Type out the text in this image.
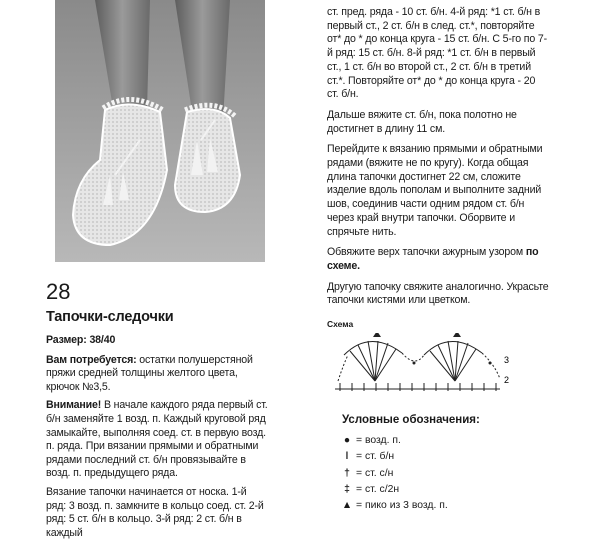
28
Тапочки-следочки

Размер: 38/40

Вам потребуется: остатки полушерстяной пряжи средней толщины желтого цвета, крючок №3,5.

Внимание! В начале каждого ряда первый ст. б/н заменяйте 1 возд. п. Каждый круговой ряд замыкайте, выполняя соед. ст. в первую возд. п. ряда. При вязании прямыми и обратными рядами последний ст. б/н провязывайте в возд. п. предыдущего ряда.

Вязание тапочки начинается от носка. 1-й ряд: 3 возд. п. замкните в кольцо соед. ст. 2-й ряд: 5 ст. б/н в кольцо. 3-й ряд: 2 ст. б/н в каждый

ст. пред. ряда - 10 ст. б/н. 4-й ряд: *1 ст. б/н в первый ст., 2 ст. б/н в след. ст.*, повторяйте от* до * до конца круга - 15 ст. б/н. С 5-го по 7-й ряд: 15 ст. б/н. 8-й ряд: *1 ст. б/н в первый ст., 1 ст. б/н во второй ст., 2 ст. б/н в третий ст.*. Повторяйте от* до * до конца круга - 20 ст. б/н.

Дальше вяжите ст. б/н, пока полотно не достигнет в длину 11 см.

Перейдите к вязанию прямыми и обратными рядами (вяжите не по кругу). Когда общая длина тапочки достигнет 22 см, сложите изделие вдоль пополам и выполните задний шов, соединив части одним рядом ст. б/н через край внутри тапочки. Оборвите и спрячьте нить.

Обвяжите верх тапочки ажурным узором по схеме.

Другую тапочку свяжите аналогично. Украсьте тапочки кистями или цветком.

Схема
3
2
Условные обозначения:
● = возд. п.
ǀ = ст. б/н
† = ст. с/н
‡ = ст. с/2н
▲ = пико из 3 возд. п.
